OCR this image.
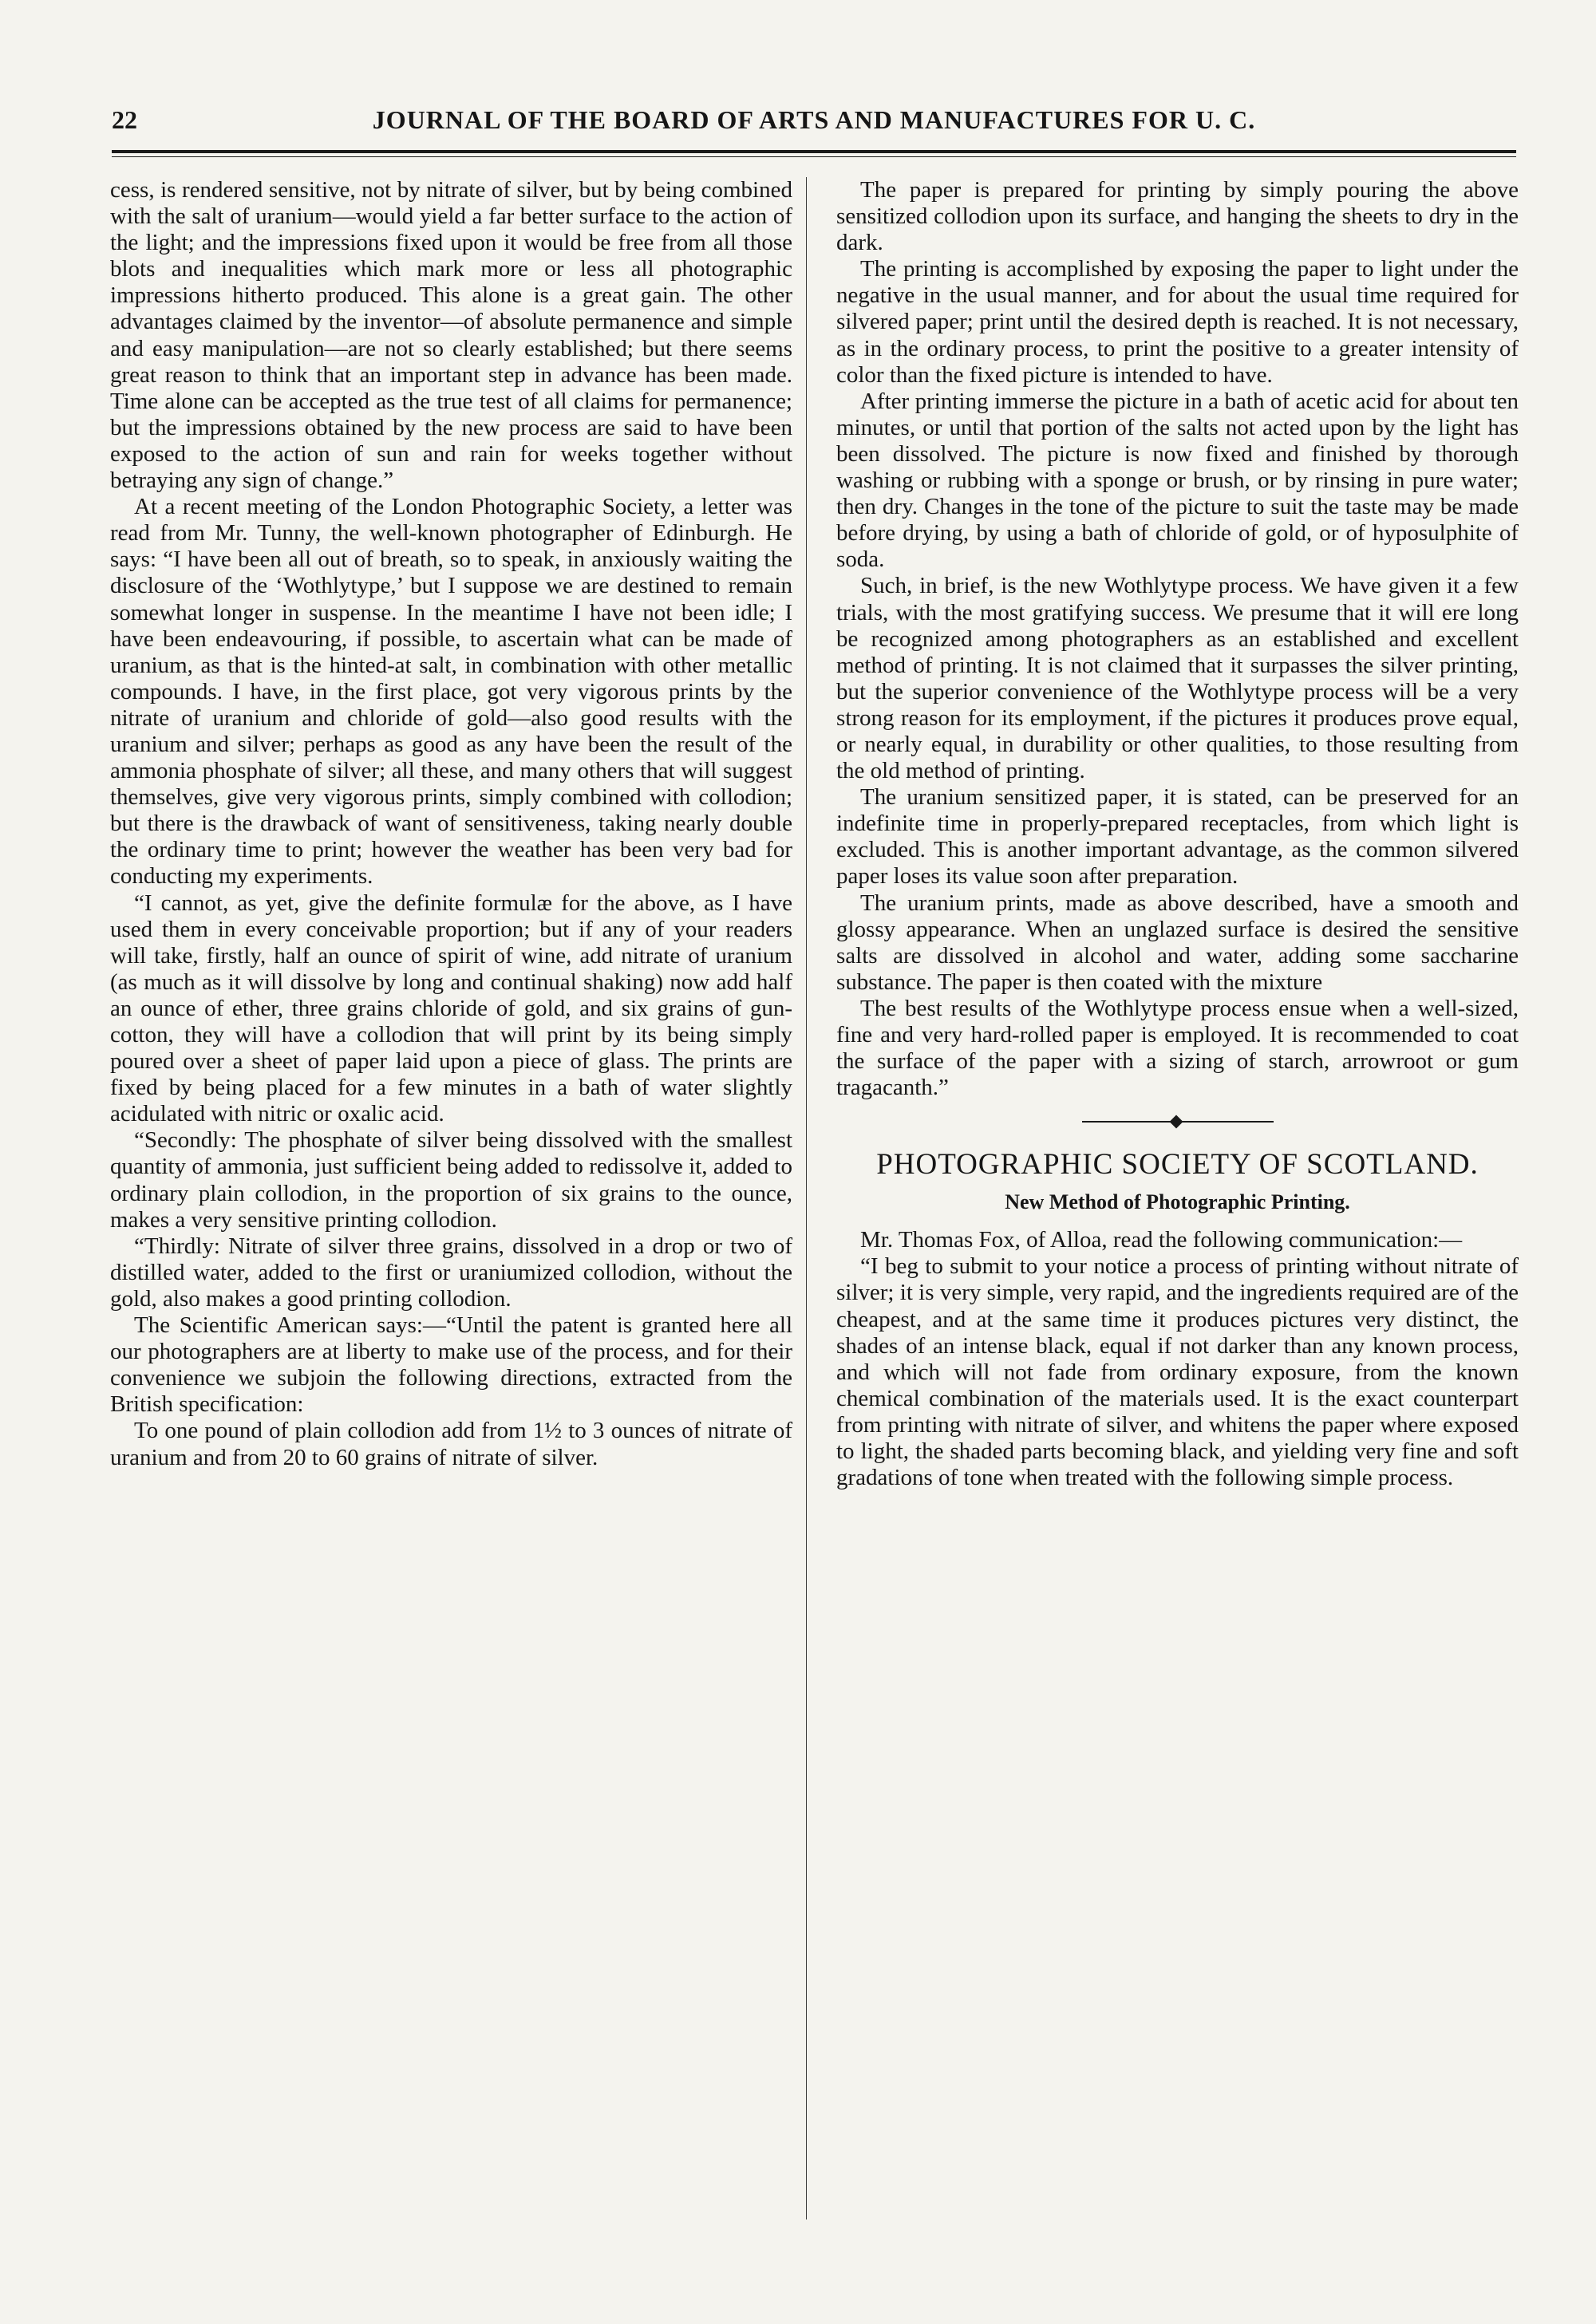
22	JOURNAL OF THE BOARD OF ARTS AND MANUFACTURES FOR U. C.

cess, is rendered sensitive, not by nitrate of silver, but by being combined with the salt of uranium—would yield a far better surface to the action of the light; and the impressions fixed upon it would be free from all those blots and inequalities which mark more or less all photographic impressions hitherto produced. This alone is a great gain. The other advantages claimed by the inventor—of absolute permanence and simple and easy manipulation—are not so clearly established; but there seems great reason to think that an important step in advance has been made. Time alone can be accepted as the true test of all claims for permanence; but the impressions obtained by the new process are said to have been exposed to the action of sun and rain for weeks together without betraying any sign of change.”

At a recent meeting of the London Photographic Society, a letter was read from Mr. Tunny, the well-known photographer of Edinburgh. He says: “I have been all out of breath, so to speak, in anxiously waiting the disclosure of the ‘Wothlytype,’ but I suppose we are destined to remain somewhat longer in suspense. In the meantime I have not been idle; I have been endeavouring, if possible, to ascertain what can be made of uranium, as that is the hinted-at salt, in combination with other metallic compounds. I have, in the first place, got very vigorous prints by the nitrate of uranium and chloride of gold—also good results with the uranium and silver; perhaps as good as any have been the result of the ammonia phosphate of silver; all these, and many others that will suggest themselves, give very vigorous prints, simply combined with collodion; but there is the drawback of want of sensitiveness, taking nearly double the ordinary time to print; however the weather has been very bad for conducting my experiments.

“I cannot, as yet, give the definite formulæ for the above, as I have used them in every conceivable proportion; but if any of your readers will take, firstly, half an ounce of spirit of wine, add nitrate of uranium (as much as it will dissolve by long and continual shaking) now add half an ounce of ether, three grains chloride of gold, and six grains of gun-cotton, they will have a collodion that will print by its being simply poured over a sheet of paper laid upon a piece of glass. The prints are fixed by being placed for a few minutes in a bath of water slightly acidulated with nitric or oxalic acid.

“Secondly: The phosphate of silver being dissolved with the smallest quantity of ammonia, just sufficient being added to redissolve it, added to ordinary plain collodion, in the proportion of six grains to the ounce, makes a very sensitive printing collodion.

“Thirdly: Nitrate of silver three grains, dissolved in a drop or two of distilled water, added to the first or uraniumized collodion, without the gold, also makes a good printing collodion.

The Scientific American says:—“Until the patent is granted here all our photographers are at liberty to make use of the process, and for their convenience we subjoin the following directions, extracted from the British specification:

To one pound of plain collodion add from 1½ to 3 ounces of nitrate of uranium and from 20 to 60 grains of nitrate of silver.

The paper is prepared for printing by simply pouring the above sensitized collodion upon its surface, and hanging the sheets to dry in the dark.

The printing is accomplished by exposing the paper to light under the negative in the usual manner, and for about the usual time required for silvered paper; print until the desired depth is reached. It is not necessary, as in the ordinary process, to print the positive to a greater intensity of color than the fixed picture is intended to have.

After printing immerse the picture in a bath of acetic acid for about ten minutes, or until that portion of the salts not acted upon by the light has been dissolved. The picture is now fixed and finished by thorough washing or rubbing with a sponge or brush, or by rinsing in pure water; then dry. Changes in the tone of the picture to suit the taste may be made before drying, by using a bath of chloride of gold, or of hyposulphite of soda.

Such, in brief, is the new Wothlytype process. We have given it a few trials, with the most gratifying success. We presume that it will ere long be recognized among photographers as an established and excellent method of printing. It is not claimed that it surpasses the silver printing, but the superior convenience of the Wothlytype process will be a very strong reason for its employment, if the pictures it produces prove equal, or nearly equal, in durability or other qualities, to those resulting from the old method of printing.

The uranium sensitized paper, it is stated, can be preserved for an indefinite time in properly-prepared receptacles, from which light is excluded. This is another important advantage, as the common silvered paper loses its value soon after preparation.

The uranium prints, made as above described, have a smooth and glossy appearance. When an unglazed surface is desired the sensitive salts are dissolved in alcohol and water, adding some saccharine substance. The paper is then coated with the mixture

The best results of the Wothlytype process ensue when a well-sized, fine and very hard-rolled paper is employed. It is recommended to coat the surface of the paper with a sizing of starch, arrowroot or gum tragacanth.”

PHOTOGRAPHIC SOCIETY OF SCOTLAND.
New Method of Photographic Printing.

Mr. Thomas Fox, of Alloa, read the following communication:—

“I beg to submit to your notice a process of printing without nitrate of silver; it is very simple, very rapid, and the ingredients required are of the cheapest, and at the same time it produces pictures very distinct, the shades of an intense black, equal if not darker than any known process, and which will not fade from ordinary exposure, from the known chemical combination of the materials used. It is the exact counterpart from printing with nitrate of silver, and whitens the paper where exposed to light, the shaded parts becoming black, and yielding very fine and soft gradations of tone when treated with the following simple process.
